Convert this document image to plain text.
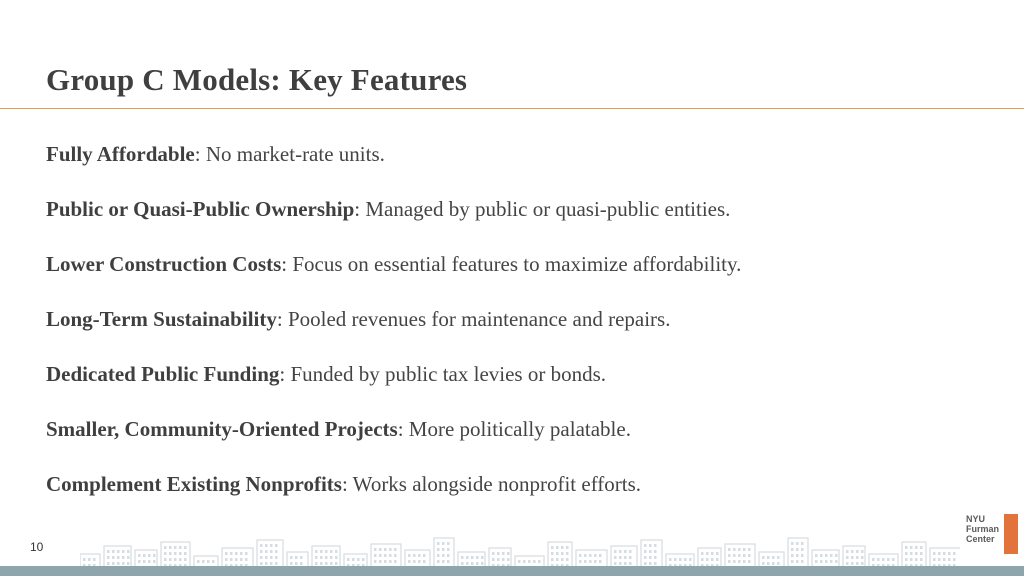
Group C Models: Key Features
Fully Affordable: No market-rate units.
Public or Quasi-Public Ownership: Managed by public or quasi-public entities.
Lower Construction Costs: Focus on essential features to maximize affordability.
Long-Term Sustainability: Pooled revenues for maintenance and repairs.
Dedicated Public Funding: Funded by public tax levies or bonds.
Smaller, Community-Oriented Projects: More politically palatable.
Complement Existing Nonprofits: Works alongside nonprofit efforts.
10
NYU
Furman
Center
